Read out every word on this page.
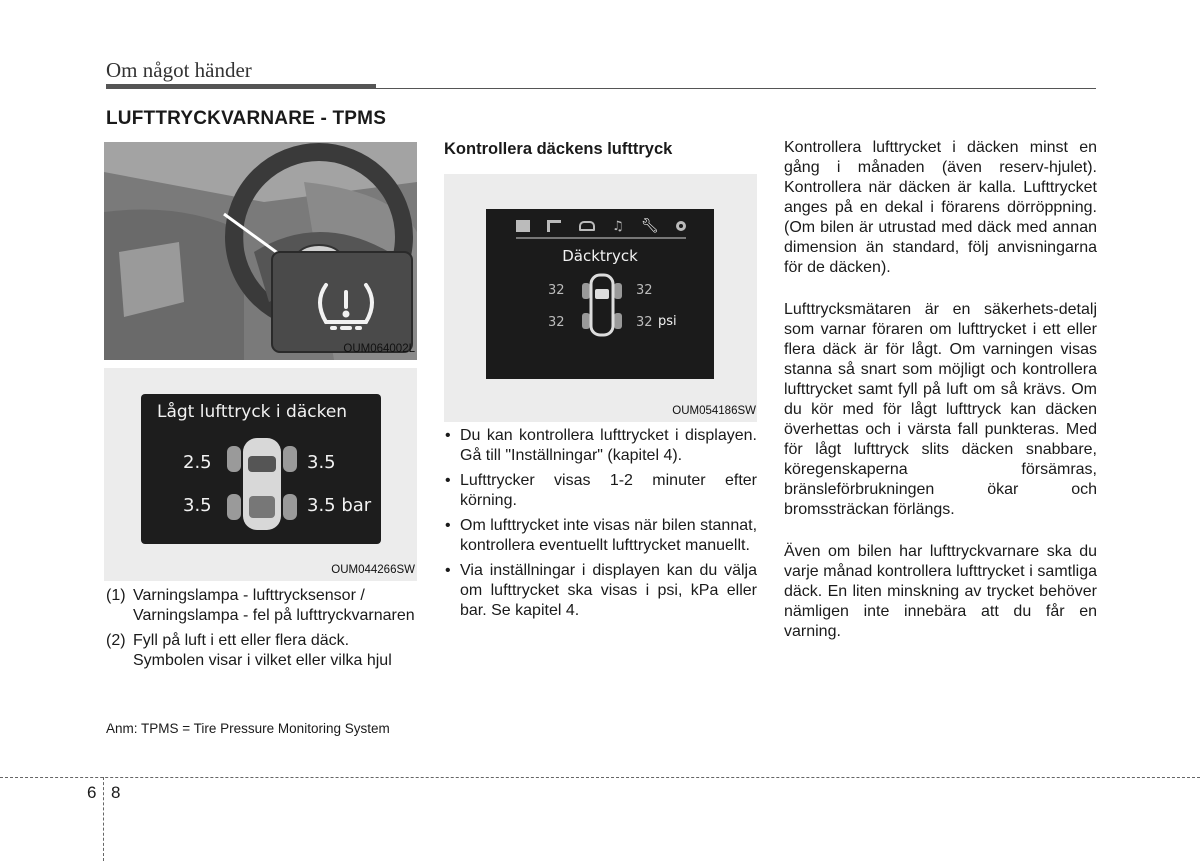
Om något händer
LUFTTRYCKVARNARE - TPMS
OUM064002L
Lågt lufttryck i däcken
2.5	3.5
3.5	3.5 bar
OUM044266SW
(1) Varningslampa - lufttrycksensor / Varningslampa - fel på lufttryckvarnaren
(2) Fyll på luft i ett eller flera däck. Symbolen visar i vilket eller vilka hjul
Anm: TPMS = Tire Pressure Monitoring System
Kontrollera däckens lufttryck
♫ 🔧︎
Däcktryck
32	32
32	32 psi
OUM054186SW
• Du kan kontrollera lufttrycket i displayen. Gå till "Inställningar" (kapitel 4).
• Lufttrycker visas 1-2 minuter efter körning.
• Om lufttrycket inte visas när bilen stannat, kontrollera eventuellt lufttrycket manuellt.
• Via inställningar i displayen kan du välja om lufttrycket ska visas i psi, kPa eller bar. Se kapitel 4.

Kontrollera lufttrycket i däcken minst en gång i månaden (även reserv-hjulet). Kontrollera när däcken är kalla. Lufttrycket anges på en dekal i förarens dörröppning. (Om bilen är utrustad med däck med annan dimension än standard, följ anvisningarna för de däcken).

Lufttrycksmätaren är en säkerhets-detalj som varnar föraren om lufttrycket i ett eller flera däck är för lågt. Om varningen visas stanna så snart som möjligt och kontrollera lufttrycket samt fyll på luft om så krävs. Om du kör med för lågt lufttryck kan däcken överhettas och i värsta fall punkteras. Med för lågt lufttryck slits däcken snabbare, köregenskaperna försämras, bränsleförbrukningen ökar och bromssträckan förlängs.

Även om bilen har lufttryckvarnare ska du varje månad kontrollera lufttrycket i samtliga däck. En liten minskning av trycket behöver nämligen inte innebära att du får en varning.

6 8
